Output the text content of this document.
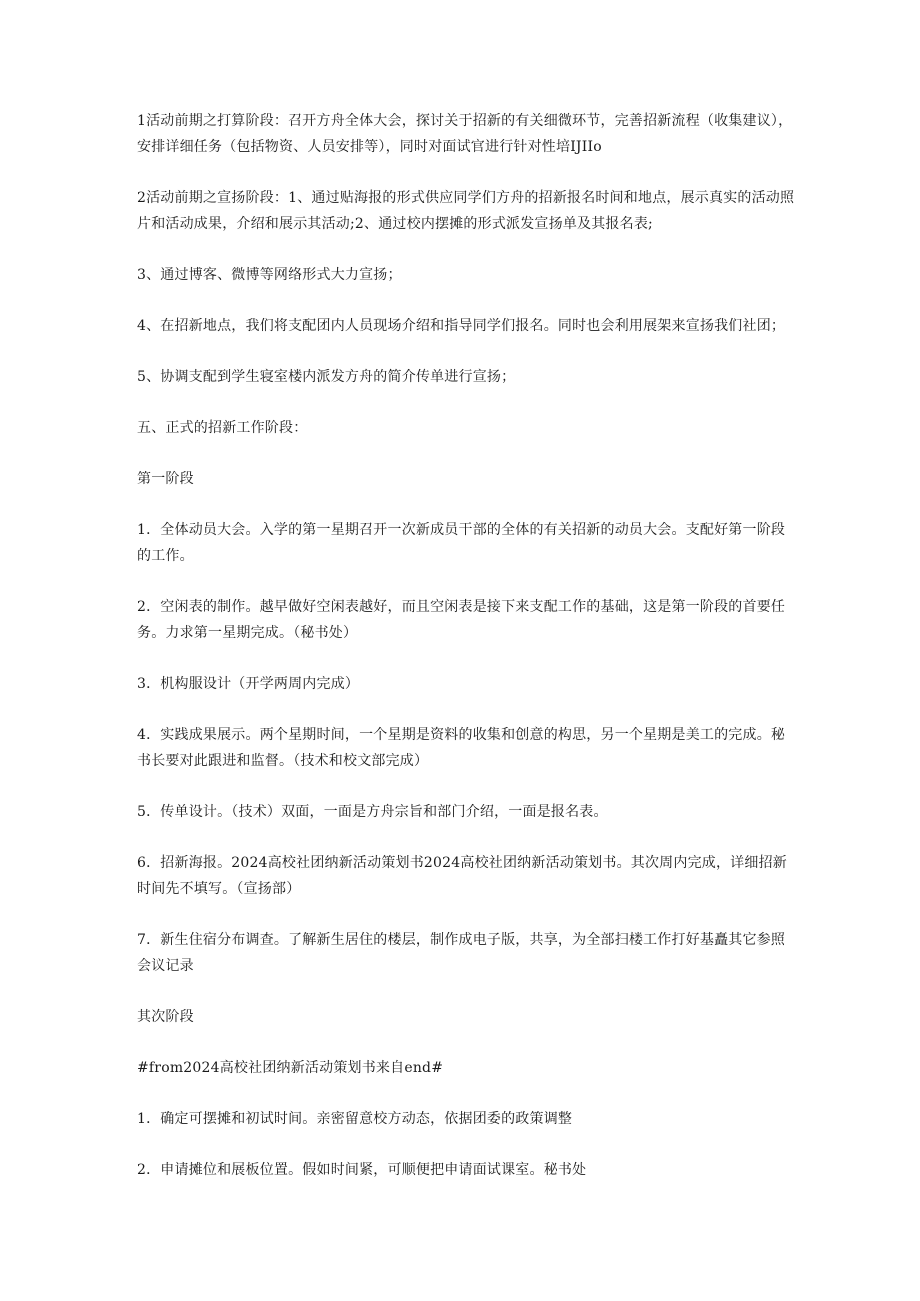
1活动前期之打算阶段：召开方舟全体大会，探讨关于招新的有关细微环节，完善招新流程（收集建议），安排详细任务（包括物资、人员安排等），同时对面试官进行针对性培IJIIo

2活动前期之宣扬阶段：1、通过贴海报的形式供应同学们方舟的招新报名时间和地点，展示真实的活动照片和活动成果，介绍和展示其活动;2、通过校内摆摊的形式派发宣扬单及其报名表;

3、通过博客、微博等网络形式大力宣扬；

4、在招新地点，我们将支配团内人员现场介绍和指导同学们报名。同时也会利用展架来宣扬我们社团；

5、协调支配到学生寝室楼内派发方舟的简介传单进行宣扬；

五、正式的招新工作阶段：

第一阶段

1．全体动员大会。入学的第一星期召开一次新成员干部的全体的有关招新的动员大会。支配好第一阶段的工作。

2．空闲表的制作。越早做好空闲表越好，而且空闲表是接下来支配工作的基础，这是第一阶段的首要任务。力求第一星期完成。（秘书处）

3．机构服设计（开学两周内完成）

4．实践成果展示。两个星期时间，一个星期是资料的收集和创意的构思，另一个星期是美工的完成。秘书长要对此跟进和监督。（技术和校文部完成）

5．传单设计。（技术）双面，一面是方舟宗旨和部门介绍，一面是报名表。

6．招新海报。2024高校社团纳新活动策划书2024高校社团纳新活动策划书。其次周内完成，详细招新时间先不填写。（宣扬部）

7．新生住宿分布调查。了解新生居住的楼层，制作成电子版，共享，为全部扫楼工作打好基矗其它参照会议记录

其次阶段

#from2024高校社团纳新活动策划书来自end#

1．确定可摆摊和初试时间。亲密留意校方动态，依据团委的政策调整

2．申请摊位和展板位置。假如时间紧，可顺便把申请面试课室。秘书处
